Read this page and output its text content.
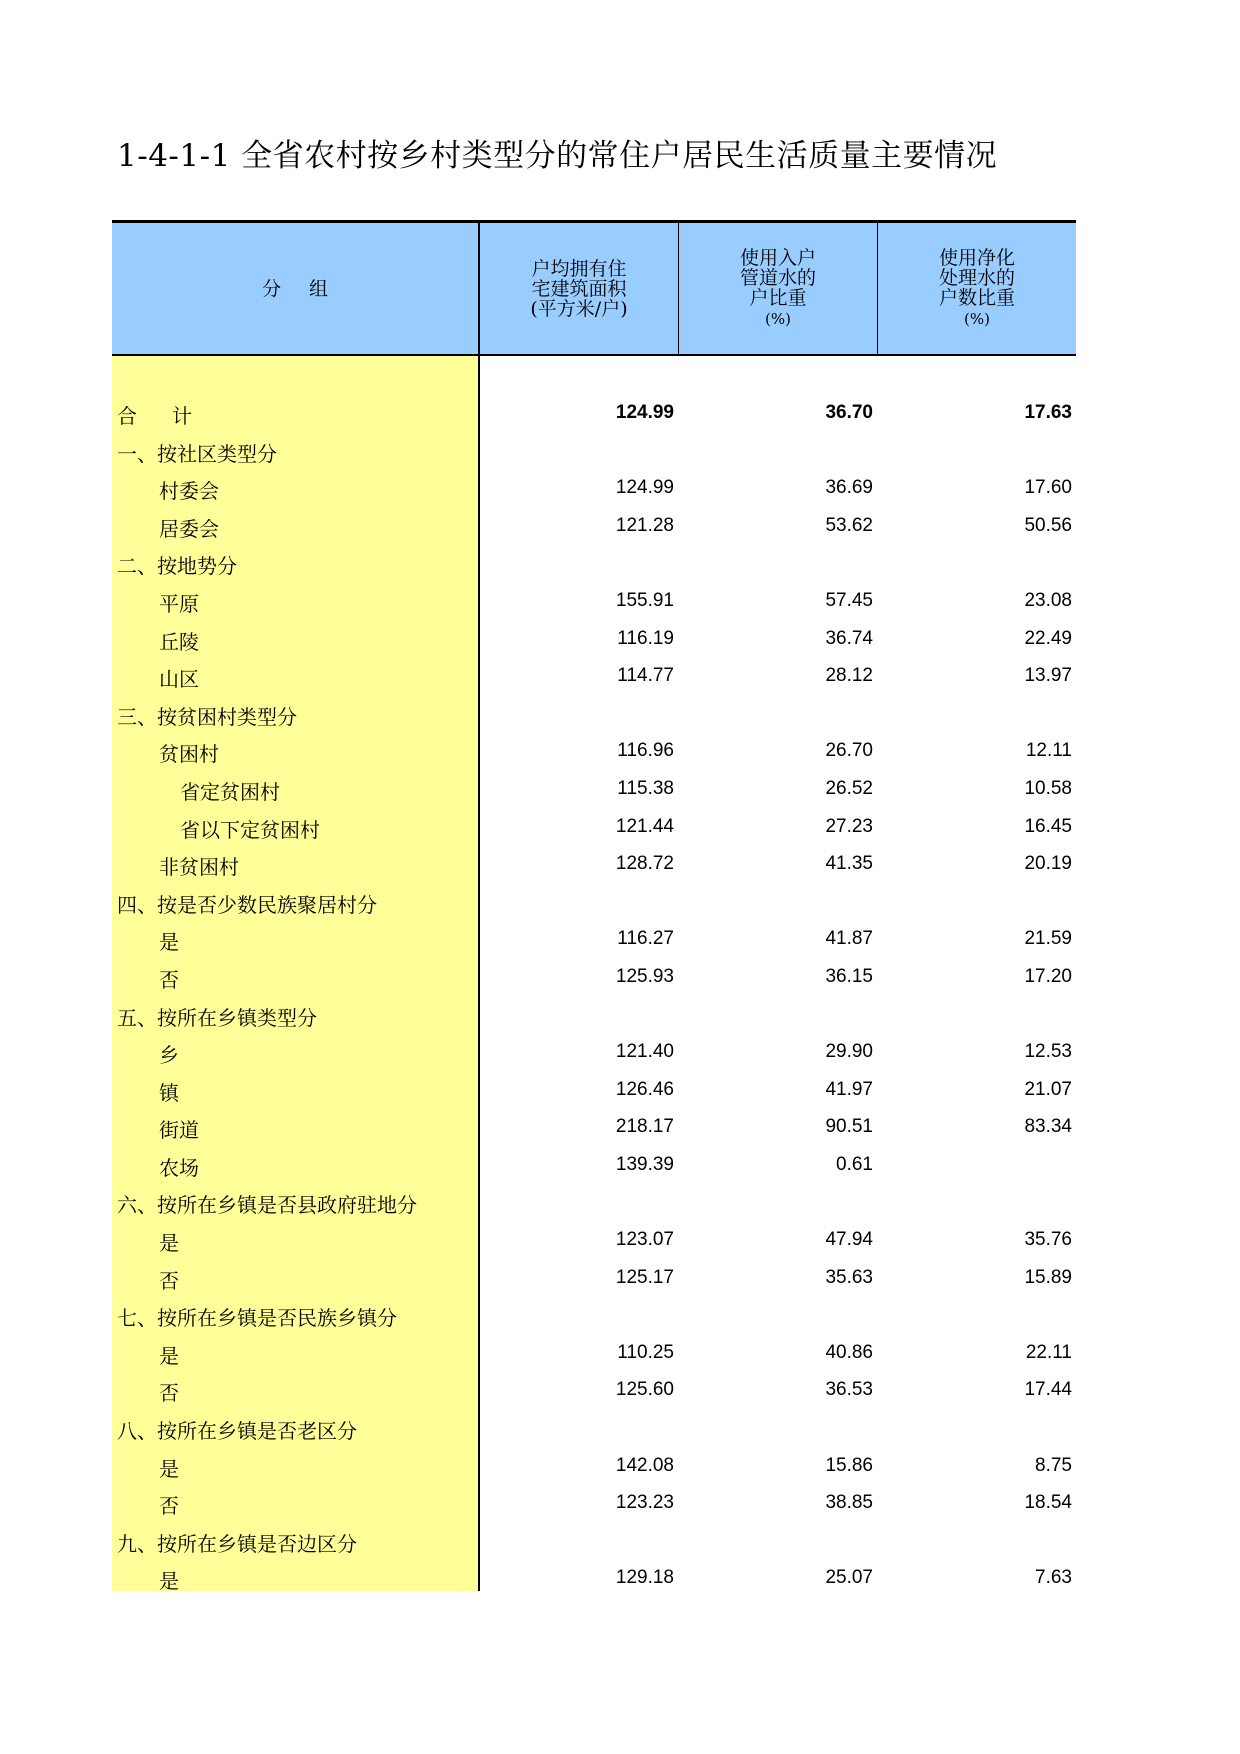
1-4-1-1 全省农村按乡村类型分的常住户居民生活质量主要情况
分组
户均拥有住
宅建筑面积
(平方米/户)
使用入户
管道水的
户比重
(%)
使用净化
处理水的
户数比重
(%)
合计	124.99	36.70	17.63
一、按社区类型分
村委会	124.99	36.69	17.60
居委会	121.28	53.62	50.56
二、按地势分
平原	155.91	57.45	23.08
丘陵	116.19	36.74	22.49
山区	114.77	28.12	13.97
三、按贫困村类型分
贫困村	116.96	26.70	12.11
省定贫困村	115.38	26.52	10.58
省以下定贫困村	121.44	27.23	16.45
非贫困村	128.72	41.35	20.19
四、按是否少数民族聚居村分
是	116.27	41.87	21.59
否	125.93	36.15	17.20
五、按所在乡镇类型分
乡	121.40	29.90	12.53
镇	126.46	41.97	21.07
街道	218.17	90.51	83.34
农场	139.39	0.61
六、按所在乡镇是否县政府驻地分
是	123.07	47.94	35.76
否	125.17	35.63	15.89
七、按所在乡镇是否民族乡镇分
是	110.25	40.86	22.11
否	125.60	36.53	17.44
八、按所在乡镇是否老区分
是	142.08	15.86	8.75
否	123.23	38.85	18.54
九、按所在乡镇是否边区分
是	129.18	25.07	7.63
